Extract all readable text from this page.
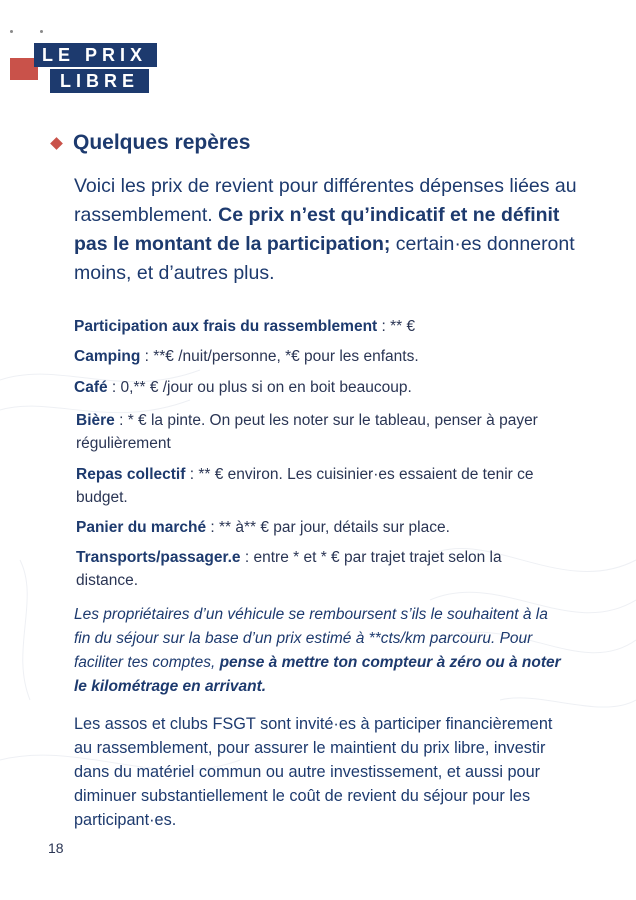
LE PRIX
LIBRE
Quelques repères
Voici les prix de revient pour différentes dépenses liées au rassemblement. Ce prix n’est qu’indicatif et ne définit pas le montant de la participation; certain·es donneront moins, et d’autres plus.
Participation aux frais du rassemblement : ** €
Camping : **€ /nuit/personne, *€ pour les enfants.
Café : 0,** € /jour ou plus si on en boit beaucoup.
Bière : * € la pinte. On peut les noter sur le tableau, penser à payer régulièrement
Repas collectif : ** € environ. Les cuisinier·es essaient de tenir ce budget.
Panier du marché : ** à** € par jour, détails sur place.
Transports/passager.e : entre * et * € par trajet trajet selon la distance.
Les propriétaires d’un véhicule se remboursent s’ils le souhaitent à la fin du séjour sur la base d’un prix estimé à **cts/km parcouru. Pour faciliter tes comptes, pense à mettre ton compteur à zéro ou à noter le kilométrage en arrivant.
Les assos et clubs FSGT sont invité·es à participer financièrement au rassemblement, pour assurer le maintient du prix libre, investir dans du matériel commun ou autre investissement, et aussi pour diminuer substantiellement le coût de revient du séjour pour les participant·es.
18
